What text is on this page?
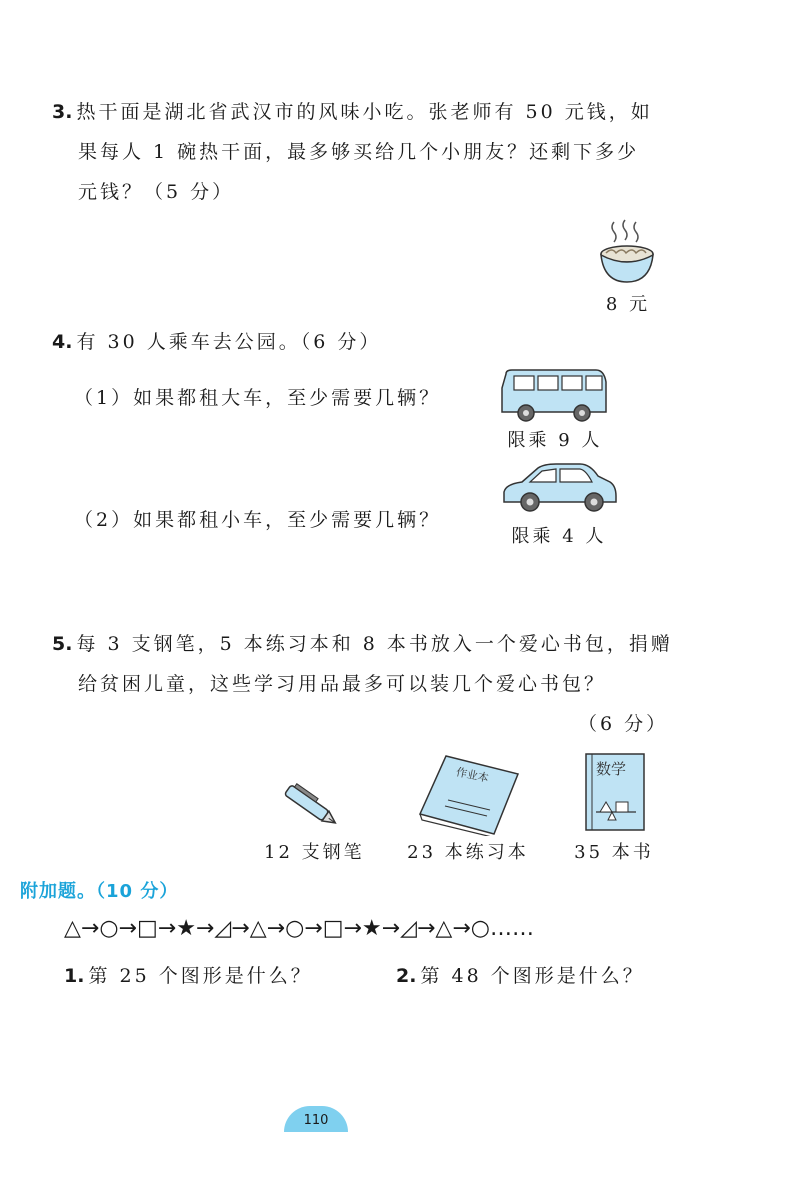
3. 热干面是湖北省武汉市的风味小吃。张老师有 50 元钱，如
果每人 1 碗热干面，最多够买给几个小朋友？还剩下多少
元钱？（5 分）
8 元
4. 有 30 人乘车去公园。（6 分）
（1）如果都租大车，至少需要几辆？
（2）如果都租小车，至少需要几辆？
限乘 9 人
限乘 4 人
5. 每 3 支钢笔，5 本练习本和 8 本书放入一个爱心书包，捐赠
给贫困儿童，这些学习用品最多可以装几个爱心书包？
（6 分）
12 支钢笔
作业本
23 本练习本
数学
35 本书
附加题。（10 分）
△→○→□→★→◿→△→○→□→★→◿→△→○……
1. 第 25 个图形是什么？	2. 第 48 个图形是什么？
110
